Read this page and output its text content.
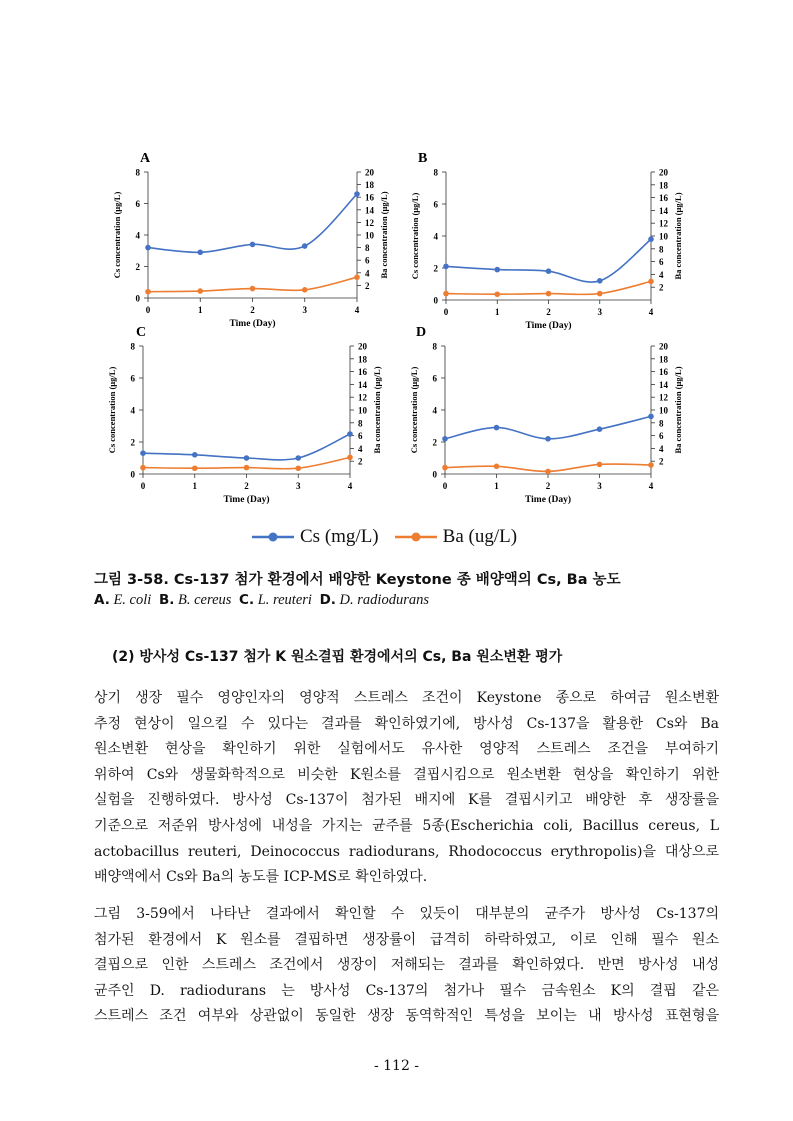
A
0
2
4
6
8
2
4
6
8
10
12
14
16
18
20
0	1	2	3	4
Time (Day)
Cs concentration (µg/L)	Ba concentration (µg/L)
B
0
2
4
6
8
2
4
6
8
10
12
14
16
18
20
0	1	2	3	4
Time (Day)
Cs concentration (µg/L)	Ba concentration (µg/L)
C
0
2
4
6
8
2
4
6
8
10
12
14
16
18
20
0	1	2	3	4
Time (Day)
Cs concentration (µg/L)	Ba concentration (µg/L)
D
0
2
4
6
8
2
4
6
8
10
12
14
16
18
20
0	1	2	3	4
Time (Day)
Cs concentration (µg/L)	Ba concentration (µg/L)
Cs (mg/L)	Ba (ug/L)
그림 3-58. Cs-137 첨가 환경에서 배양한 Keystone 종 배양액의 Cs, Ba 농도
A. E. coli B. B. cereus C. L. reuteri D. D. radiodurans
(2) 방사성 Cs-137 첨가 K 원소결핍 환경에서의 Cs, Ba 원소변환 평가
상기 생장 필수 영양인자의 영양적 스트레스 조건이 Keystone 종으로 하여금 원소변환
추정 현상이 일으킬 수 있다는 결과를 확인하였기에, 방사성 Cs-137을 활용한 Cs와 Ba
원소변환 현상을 확인하기 위한 실험에서도 유사한 영양적 스트레스 조건을 부여하기
위하여 Cs와 생물화학적으로 비슷한 K원소를 결핍시킴으로 원소변환 현상을 확인하기 위한
실험을 진행하였다. 방사성 Cs-137이 첨가된 배지에 K를 결핍시키고 배양한 후 생장률을
기준으로 저준위 방사성에 내성을 가지는 균주를 5종(Escherichia coli, Bacillus cereus, L
actobacillus reuteri, Deinococcus radiodurans, Rhodococcus erythropolis)을 대상으로
배양액에서 Cs와 Ba의 농도를 ICP-MS로 확인하였다.
그림 3-59에서 나타난 결과에서 확인할 수 있듯이 대부분의 균주가 방사성 Cs-137의
첨가된 환경에서 K 원소를 결핍하면 생장률이 급격히 하락하였고, 이로 인해 필수 원소
결핍으로 인한 스트레스 조건에서 생장이 저해되는 결과를 확인하였다. 반면 방사성 내성
균주인 D. radiodurans 는 방사성 Cs-137의 첨가나 필수 금속원소 K의 결핍 같은
스트레스 조건 여부와 상관없이 동일한 생장 동역학적인 특성을 보이는 내 방사성 표현형을
- 112 -
